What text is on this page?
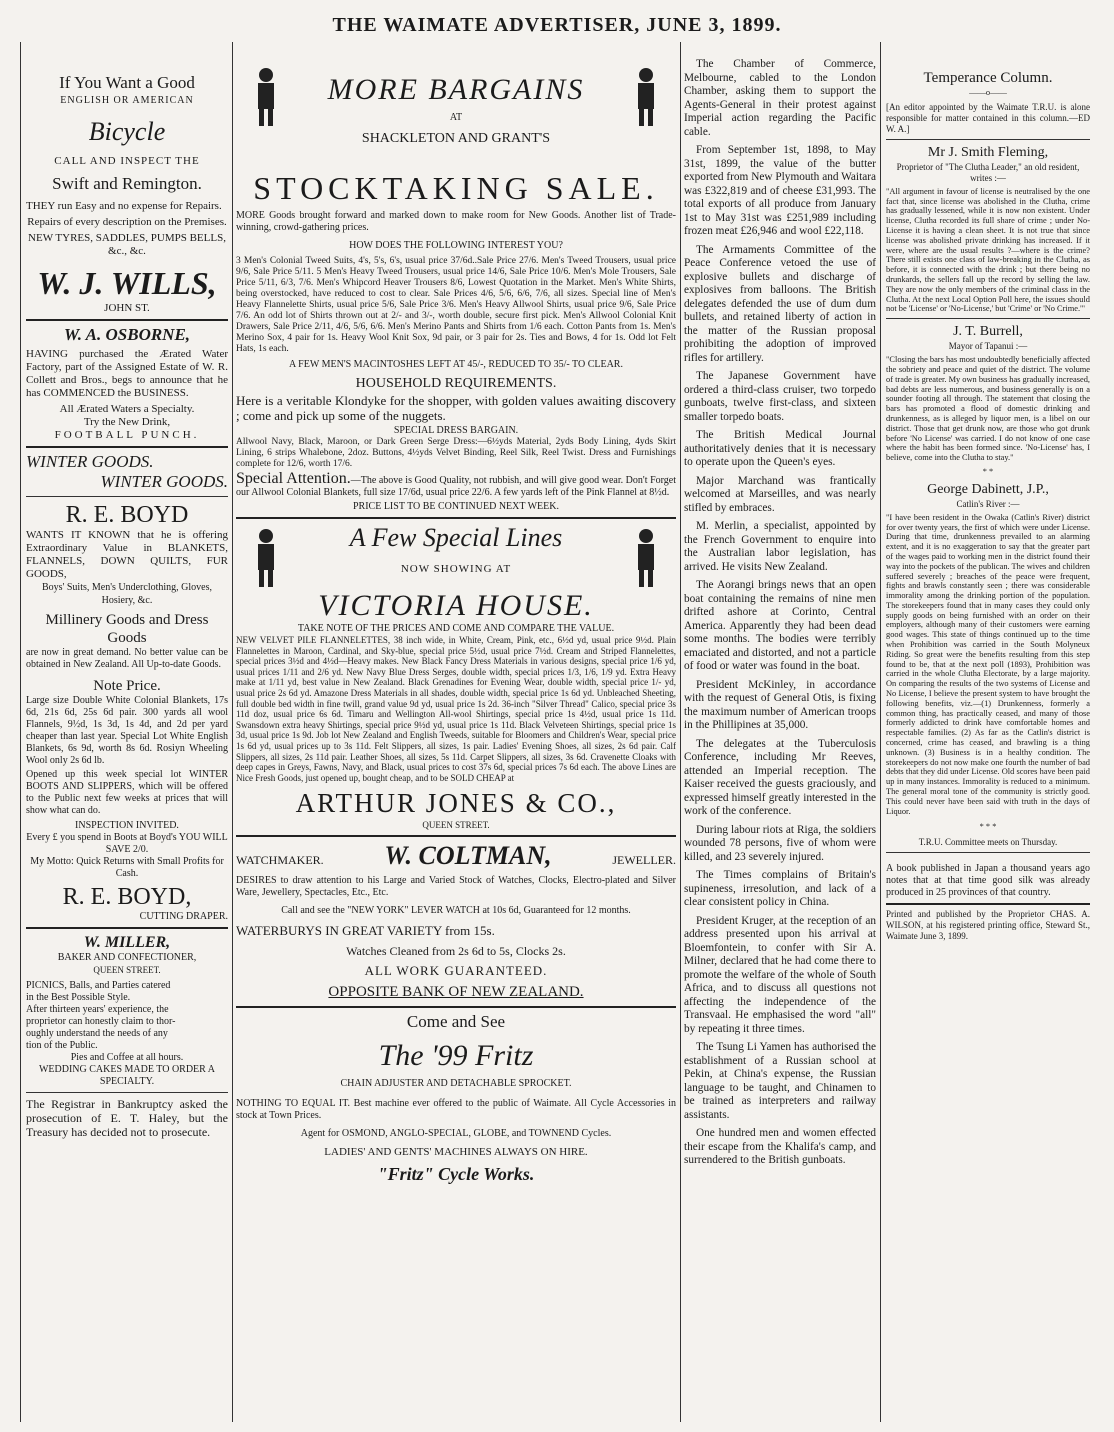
THE WAIMATE ADVERTISER, JUNE 3, 1899.
If You Want a Good
ENGLISH OR AMERICAN
Bicycle
CALL AND INSPECT THE
Swift and Remington.

THEY run Easy and no expense for Repairs.

Repairs of every description on the Premises.

NEW TYRES, SADDLES, PUMPS BELLS, &c., &c.

W. J. WILLS,
JOHN ST.
W. A. OSBORNE,

HAVING purchased the Ærated Water Factory, part of the Assigned Estate of W. R. Collett and Bros., begs to announce that he has COMMENCED the BUSINESS.

All Ærated Waters a Specialty.

Try the New Drink,

FOOTBALL PUNCH.

WINTER GOODS.
WINTER GOODS.
R. E. BOYD

WANTS IT KNOWN that he is offering Extraordinary Value in BLANKETS, FLANNELS, DOWN QUILTS, FUR GOODS,

Boys' Suits, Men's Underclothing, Gloves, Hosiery, &c.

Millinery Goods and Dress Goods

are now in great demand. No better value can be obtained in New Zealand. All Up-to-date Goods.

Note Price.

Large size Double White Colonial Blankets, 17s 6d, 21s 6d, 25s 6d pair. 300 yards all wool Flannels, 9½d, 1s 3d, 1s 4d, and 2d per yard cheaper than last year. Special Lot White English Blankets, 6s 9d, worth 8s 6d. Rosiyn Wheeling Wool only 2s 6d lb.

Opened up this week special lot WINTER BOOTS AND SLIPPERS, which will be offered to the Public next few weeks at prices that will show what can do.

INSPECTION INVITED.

Every £ you spend in Boots at Boyd's YOU WILL SAVE 2/0.

My Motto: Quick Returns with Small Profits for Cash.

R. E. BOYD,
CUTTING DRAPER.
W. MILLER,
BAKER AND CONFECTIONER,
QUEEN STREET.

PICNICS, Balls, and Parties catered

in the Best Possible Style.

After thirteen years' experience, the

proprietor can honestly claim to thor-

oughly understand the needs of any

tion of the Public.

Pies and Coffee at all hours.

WEDDING CAKES MADE TO ORDER A SPECIALTY.

The Registrar in Bankruptcy asked the prosecution of E. T. Haley, but the Treasury has decided not to prosecute.

MORE BARGAINS
AT
SHACKLETON AND GRANT'S
STOCKTAKING SALE.

MORE Goods brought forward and marked down to make room for New Goods. Another list of Trade-winning, crowd-gathering prices.

HOW DOES THE FOLLOWING INTEREST YOU?

3 Men's Colonial Tweed Suits, 4's, 5's, 6's, usual price 37/6d..Sale Price 27/6. Men's Tweed Trousers, usual price 9/6, Sale Price 5/11. 5 Men's Heavy Tweed Trousers, usual price 14/6, Sale Price 10/6. Men's Mole Trousers, Sale Price 5/11, 6/3, 7/6. Men's Whipcord Heaver Trousers 8/6, Lowest Quotation in the Market. Men's White Shirts, being overstocked, have reduced to cost to clear. Sale Prices 4/6, 5/6, 6/6, 7/6, all sizes. Special line of Men's Heavy Flannelette Shirts, usual price 5/6, Sale Price 3/6. Men's Heavy Allwool Shirts, usual price 9/6, Sale Price 7/6. An odd lot of Shirts thrown out at 2/- and 3/-, worth double, secure first pick. Men's Allwool Colonial Knit Drawers, Sale Price 2/11, 4/6, 5/6, 6/6. Men's Merino Pants and Shirts from 1/6 each. Cotton Pants from 1s. Men's Merino Sox, 4 pair for 1s. Heavy Wool Knit Sox, 9d pair, or 3 pair for 2s. Ties and Bows, 4 for 1s. Odd lot Felt Hats, 1s each.

A FEW MEN'S MACINTOSHES LEFT AT 45/-, REDUCED TO 35/- TO CLEAR.

HOUSEHOLD REQUIREMENTS.

Here is a veritable Klondyke for the shopper, with golden values awaiting discovery ; come and pick up some of the nuggets.

SPECIAL DRESS BARGAIN.

Allwool Navy, Black, Maroon, or Dark Green Serge Dress:—6½yds Material, 2yds Body Lining, 4yds Skirt Lining, 6 strips Whalebone, 2doz. Buttons, 4½yds Velvet Binding, Reel Silk, Reel Twist. Dress and Furnishings complete for 12/6, worth 17/6.

Special Attention.—The above is Good Quality, not rubbish, and will give good wear. Don't Forget our Allwool Colonial Blankets, full size 17/6d, usual price 22/6. A few yards left of the Pink Flannel at 8½d.

PRICE LIST TO BE CONTINUED NEXT WEEK.

A Few Special Lines
NOW SHOWING AT
VICTORIA HOUSE.

TAKE NOTE OF THE PRICES AND COME AND COMPARE THE VALUE.

NEW VELVET PILE FLANNELETTES, 38 inch wide, in White, Cream, Pink, etc., 6½d yd, usual price 9½d. Plain Flannelettes in Maroon, Cardinal, and Sky-blue, special price 5½d, usual price 7½d. Cream and Striped Flannelettes, special prices 3½d and 4½d—Heavy makes. New Black Fancy Dress Materials in various designs, special price 1/6 yd, usual prices 1/11 and 2/6 yd. New Navy Blue Dress Serges, double width, special prices 1/3, 1/6, 1/9 yd. Extra Heavy make at 1/11 yd, best value in New Zealand. Black Grenadines for Evening Wear, double width, special price 1/- yd, usual price 2s 6d yd. Amazone Dress Materials in all shades, double width, special price 1s 6d yd. Unbleached Sheeting, full double bed width in fine twill, grand value 9d yd, usual price 1s 2d. 36-inch "Silver Thread" Calico, special price 3s 11d doz, usual price 6s 6d. Timaru and Wellington All-wool Shirtings, special price 1s 4½d, usual price 1s 11d. Swansdown extra heavy Shirtings, special price 9½d yd, usual price 1s 11d. Black Velveteen Shirtings, special price 1s 3d, usual price 1s 9d. Job lot New Zealand and English Tweeds, suitable for Bloomers and Children's Wear, special price 1s 6d yd, usual prices up to 3s 11d. Felt Slippers, all sizes, 1s pair. Ladies' Evening Shoes, all sizes, 2s 6d pair. Calf Slippers, all sizes, 2s 11d pair. Leather Shoes, all sizes, 5s 11d. Carpet Slippers, all sizes, 3s 6d. Cravenette Cloaks with deep capes in Greys, Fawns, Navy, and Black, usual prices to cost 37s 6d, special prices 7s 6d each. The above Lines are Nice Fresh Goods, just opened up, bought cheap, and to be SOLD CHEAP at

ARTHUR JONES & CO.,
QUEEN STREET.
WATCHMAKER. W. COLTMAN,	JEWELLER.

DESIRES to draw attention to his Large and Varied Stock of Watches, Clocks, Electro-plated and Silver Ware, Jewellery, Spectacles, Etc., Etc.

Call and see the "NEW YORK" LEVER WATCH at 10s 6d, Guaranteed for 12 months.

WATERBURYS IN GREAT VARIETY from 15s.

Watches Cleaned from 2s 6d to 5s, Clocks 2s.

ALL WORK GUARANTEED.

OPPOSITE BANK OF NEW ZEALAND.

Come and See
The '99 Fritz

CHAIN ADJUSTER AND DETACHABLE SPROCKET.

NOTHING TO EQUAL IT. Best machine ever offered to the public of Waimate. All Cycle Accessories in stock at Town Prices.

Agent for OSMOND, ANGLO-SPECIAL, GLOBE, and TOWNEND Cycles.

LADIES' AND GENTS' MACHINES ALWAYS ON HIRE.

"Fritz" Cycle Works.

The Chamber of Commerce, Melbourne, cabled to the London Chamber, asking them to support the Agents-General in their protest against Imperial action regarding the Pacific cable.

From September 1st, 1898, to May 31st, 1899, the value of the butter exported from New Plymouth and Waitara was £322,819 and of cheese £31,993. The total exports of all produce from January 1st to May 31st was £251,989 including frozen meat £26,946 and wool £22,118.

The Armaments Committee of the Peace Conference vetoed the use of explosive bullets and discharge of explosives from balloons. The British delegates defended the use of dum dum bullets, and retained liberty of action in the matter of the Russian proposal prohibiting the adoption of improved rifles for artillery.

The Japanese Government have ordered a third-class cruiser, two torpedo gunboats, twelve first-class, and sixteen smaller torpedo boats.

The British Medical Journal authoritatively denies that it is necessary to operate upon the Queen's eyes.

Major Marchand was frantically welcomed at Marseilles, and was nearly stifled by embraces.

M. Merlin, a specialist, appointed by the French Government to enquire into the Australian labor legislation, has arrived. He visits New Zealand.

The Aorangi brings news that an open boat containing the remains of nine men drifted ashore at Corinto, Central America. Apparently they had been dead some months. The bodies were terribly emaciated and distorted, and not a particle of food or water was found in the boat.

President McKinley, in accordance with the request of General Otis, is fixing the maximum number of American troops in the Phillipines at 35,000.

The delegates at the Tuberculosis Conference, including Mr Reeves, attended an Imperial reception. The Kaiser received the guests graciously, and expressed himself greatly interested in the work of the conference.

During labour riots at Riga, the soldiers wounded 78 persons, five of whom were killed, and 23 severely injured.

The Times complains of Britain's supineness, irresolution, and lack of a clear consistent policy in China.

President Kruger, at the reception of an address presented upon his arrival at Bloemfontein, to confer with Sir A. Milner, declared that he had come there to promote the welfare of the whole of South Africa, and to discuss all questions not affecting the independence of the Transvaal. He emphasised the word "all" by repeating it three times.

The Tsung Li Yamen has authorised the establishment of a Russian school at Pekin, at China's expense, the Russian language to be taught, and Chinamen to be trained as interpreters and railway assistants.

One hundred men and women effected their escape from the Khalifa's camp, and surrendered to the British gunboats.

Temperance Column.
——o——

[An editor appointed by the Waimate T.R.U. is alone responsible for matter contained in this column.—ED W. A.]

Mr J. Smith Fleming,

Proprietor of "The Clutha Leader," an old resident, writes :—

"All argument in favour of license is neutralised by the one fact that, since license was abolished in the Clutha, crime has gradually lessened, while it is now non existent. Under license, Clutha recorded its full share of crime ; under No-License it is having a clean sheet. It is not true that since license was abolished private drinking has increased. If it were, where are the usual results ?—where is the crime? There still exists one class of law-breaking in the Clutha, as before, it is connected with the drink ; but there being no drunkards, the sellers fall up the record by selling the law. They are now the only members of the criminal class in the Clutha. At the next Local Option Poll here, the issues should not be 'License' or 'No-License,' but 'Crime' or 'No Crime.'"

J. T. Burrell,

Mayor of Tapanui :—

"Closing the bars has most undoubtedly beneficially affected the sobriety and peace and quiet of the district. The volume of trade is greater. My own business has gradually increased, bad debts are less numerous, and business generally is on a sounder footing all through. The statement that closing the bars has promoted a flood of domestic drinking and drunkenness, as is alleged by liquor men, is a libel on our district. Those that get drunk now, are those who got drunk before 'No License' was carried. I do not know of one case where the habit has been formed since. 'No-License' has, I believe, come into the Clutha to stay."

* *

George Dabinett, J.P.,

Catlin's River :—

"I have been resident in the Owaka (Catlin's River) district for over twenty years, the first of which were under License. During that time, drunkenness prevailed to an alarming extent, and it is no exaggeration to say that the greater part of the wages paid to working men in the district found their way into the pockets of the publican. The wives and children suffered severely ; breaches of the peace were frequent, fights and brawls constantly seen ; there was considerable immorality among the drinking portion of the population. The storekeepers found that in many cases they could only supply goods on being furnished with an order on their employers, although many of their customers were earning good wages. This state of things continued up to the time when Prohibition was carried in the South Molyneux Riding. So great were the benefits resulting from this step found to be, that at the next poll (1893), Prohibition was carried in the whole Clutha Electorate, by a large majority. On comparing the results of the two systems of License and No License, I believe the present system to have brought the following benefits, viz.—(1) Drunkenness, formerly a common thing, has practically ceased, and many of those formerly addicted to drink have comfortable homes and respectable families. (2) As far as the Catlin's district is concerned, crime has ceased, and brawling is a thing unknown. (3) Business is in a healthy condition. The storekeepers do not now make one fourth the number of bad debts that they did under License. Old scores have been paid up in many instances. Immorality is reduced to a minimum. The general moral tone of the community is strictly good. This could never have been said with truth in the days of Liquor.

* * *

T.R.U. Committee meets on Thursday.

A book published in Japan a thousand years ago notes that at that time good silk was already produced in 25 provinces of that country.

Printed and published by the Proprietor CHAS. A. WILSON, at his registered printing office, Steward St., Waimate June 3, 1899.
